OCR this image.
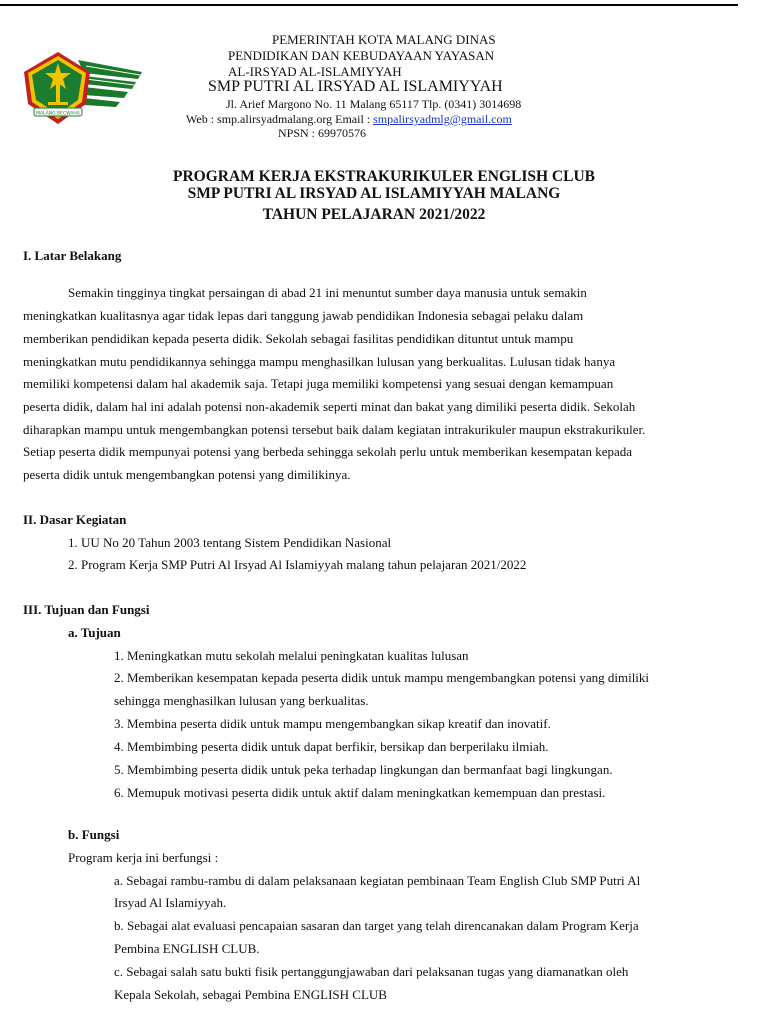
MALANG BECWAHA
PEMERINTAH KOTA MALANG DINAS
PENDIDIKAN DAN KEBUDAYAAN YAYASAN
AL-IRSYAD AL-ISLAMIYYAH
SMP PUTRI AL IRSYAD AL ISLAMIYYAH
Jl. Arief Margono No. 11 Malang 65117 Tlp. (0341) 3014698
Web : smp.alirsyadmalang.org Email : smpalirsyadmlg@gmail.com
NPSN : 69970576
PROGRAM KERJA EKSTRAKURIKULER ENGLISH CLUB
SMP PUTRI AL IRSYAD AL ISLAMIYYAH MALANG
TAHUN PELAJARAN 2021/2022
I. Latar Belakang
Semakin tingginya tingkat persaingan di abad 21 ini menuntut sumber daya manusia untuk semakin
meningkatkan kualitasnya agar tidak lepas dari tanggung jawab pendidikan Indonesia sebagai pelaku dalam
memberikan pendidikan kepada peserta didik. Sekolah sebagai fasilitas pendidikan dituntut untuk mampu
meningkatkan mutu pendidikannya sehingga mampu menghasilkan lulusan yang berkualitas. Lulusan tidak hanya
memiliki kompetensi dalam hal akademik saja. Tetapi juga memiliki kompetensi yang sesuai dengan kemampuan
peserta didik, dalam hal ini adalah potensi non-akademik seperti minat dan bakat yang dimiliki peserta didik. Sekolah
diharapkan mampu untuk mengembangkan potensi tersebut baik dalam kegiatan intrakurikuler maupun ekstrakurikuler.
Setiap peserta didik mempunyai potensi yang berbeda sehingga sekolah perlu untuk memberikan kesempatan kepada
peserta didik untuk mengembangkan potensi yang dimilikinya.
II. Dasar Kegiatan
1. UU No 20 Tahun 2003 tentang Sistem Pendidikan Nasional
2. Program Kerja SMP Putri Al Irsyad Al Islamiyyah malang tahun pelajaran 2021/2022
III. Tujuan dan Fungsi
a. Tujuan
1. Meningkatkan mutu sekolah melalui peningkatan kualitas lulusan
2. Memberikan kesempatan kepada peserta didik untuk mampu mengembangkan potensi yang dimiliki
sehingga menghasilkan lulusan yang berkualitas.
3. Membina peserta didik untuk mampu mengembangkan sikap kreatif dan inovatif.
4. Membimbing peserta didik untuk dapat berfikir, bersikap dan berperilaku ilmiah.
5. Membimbing peserta didik untuk peka terhadap lingkungan dan bermanfaat bagi lingkungan.
6. Memupuk motivasi peserta didik untuk aktif dalam meningkatkan kemempuan dan prestasi.
b. Fungsi
Program kerja ini berfungsi :
a. Sebagai rambu-rambu di dalam pelaksanaan kegiatan pembinaan Team English Club SMP Putri Al
Irsyad Al Islamiyyah.
b. Sebagai alat evaluasi pencapaian sasaran dan target yang telah direncanakan dalam Program Kerja
Pembina ENGLISH CLUB.
c. Sebagai salah satu bukti fisik pertanggungjawaban dari pelaksanan tugas yang diamanatkan oleh
Kepala Sekolah, sebagai Pembina ENGLISH CLUB
